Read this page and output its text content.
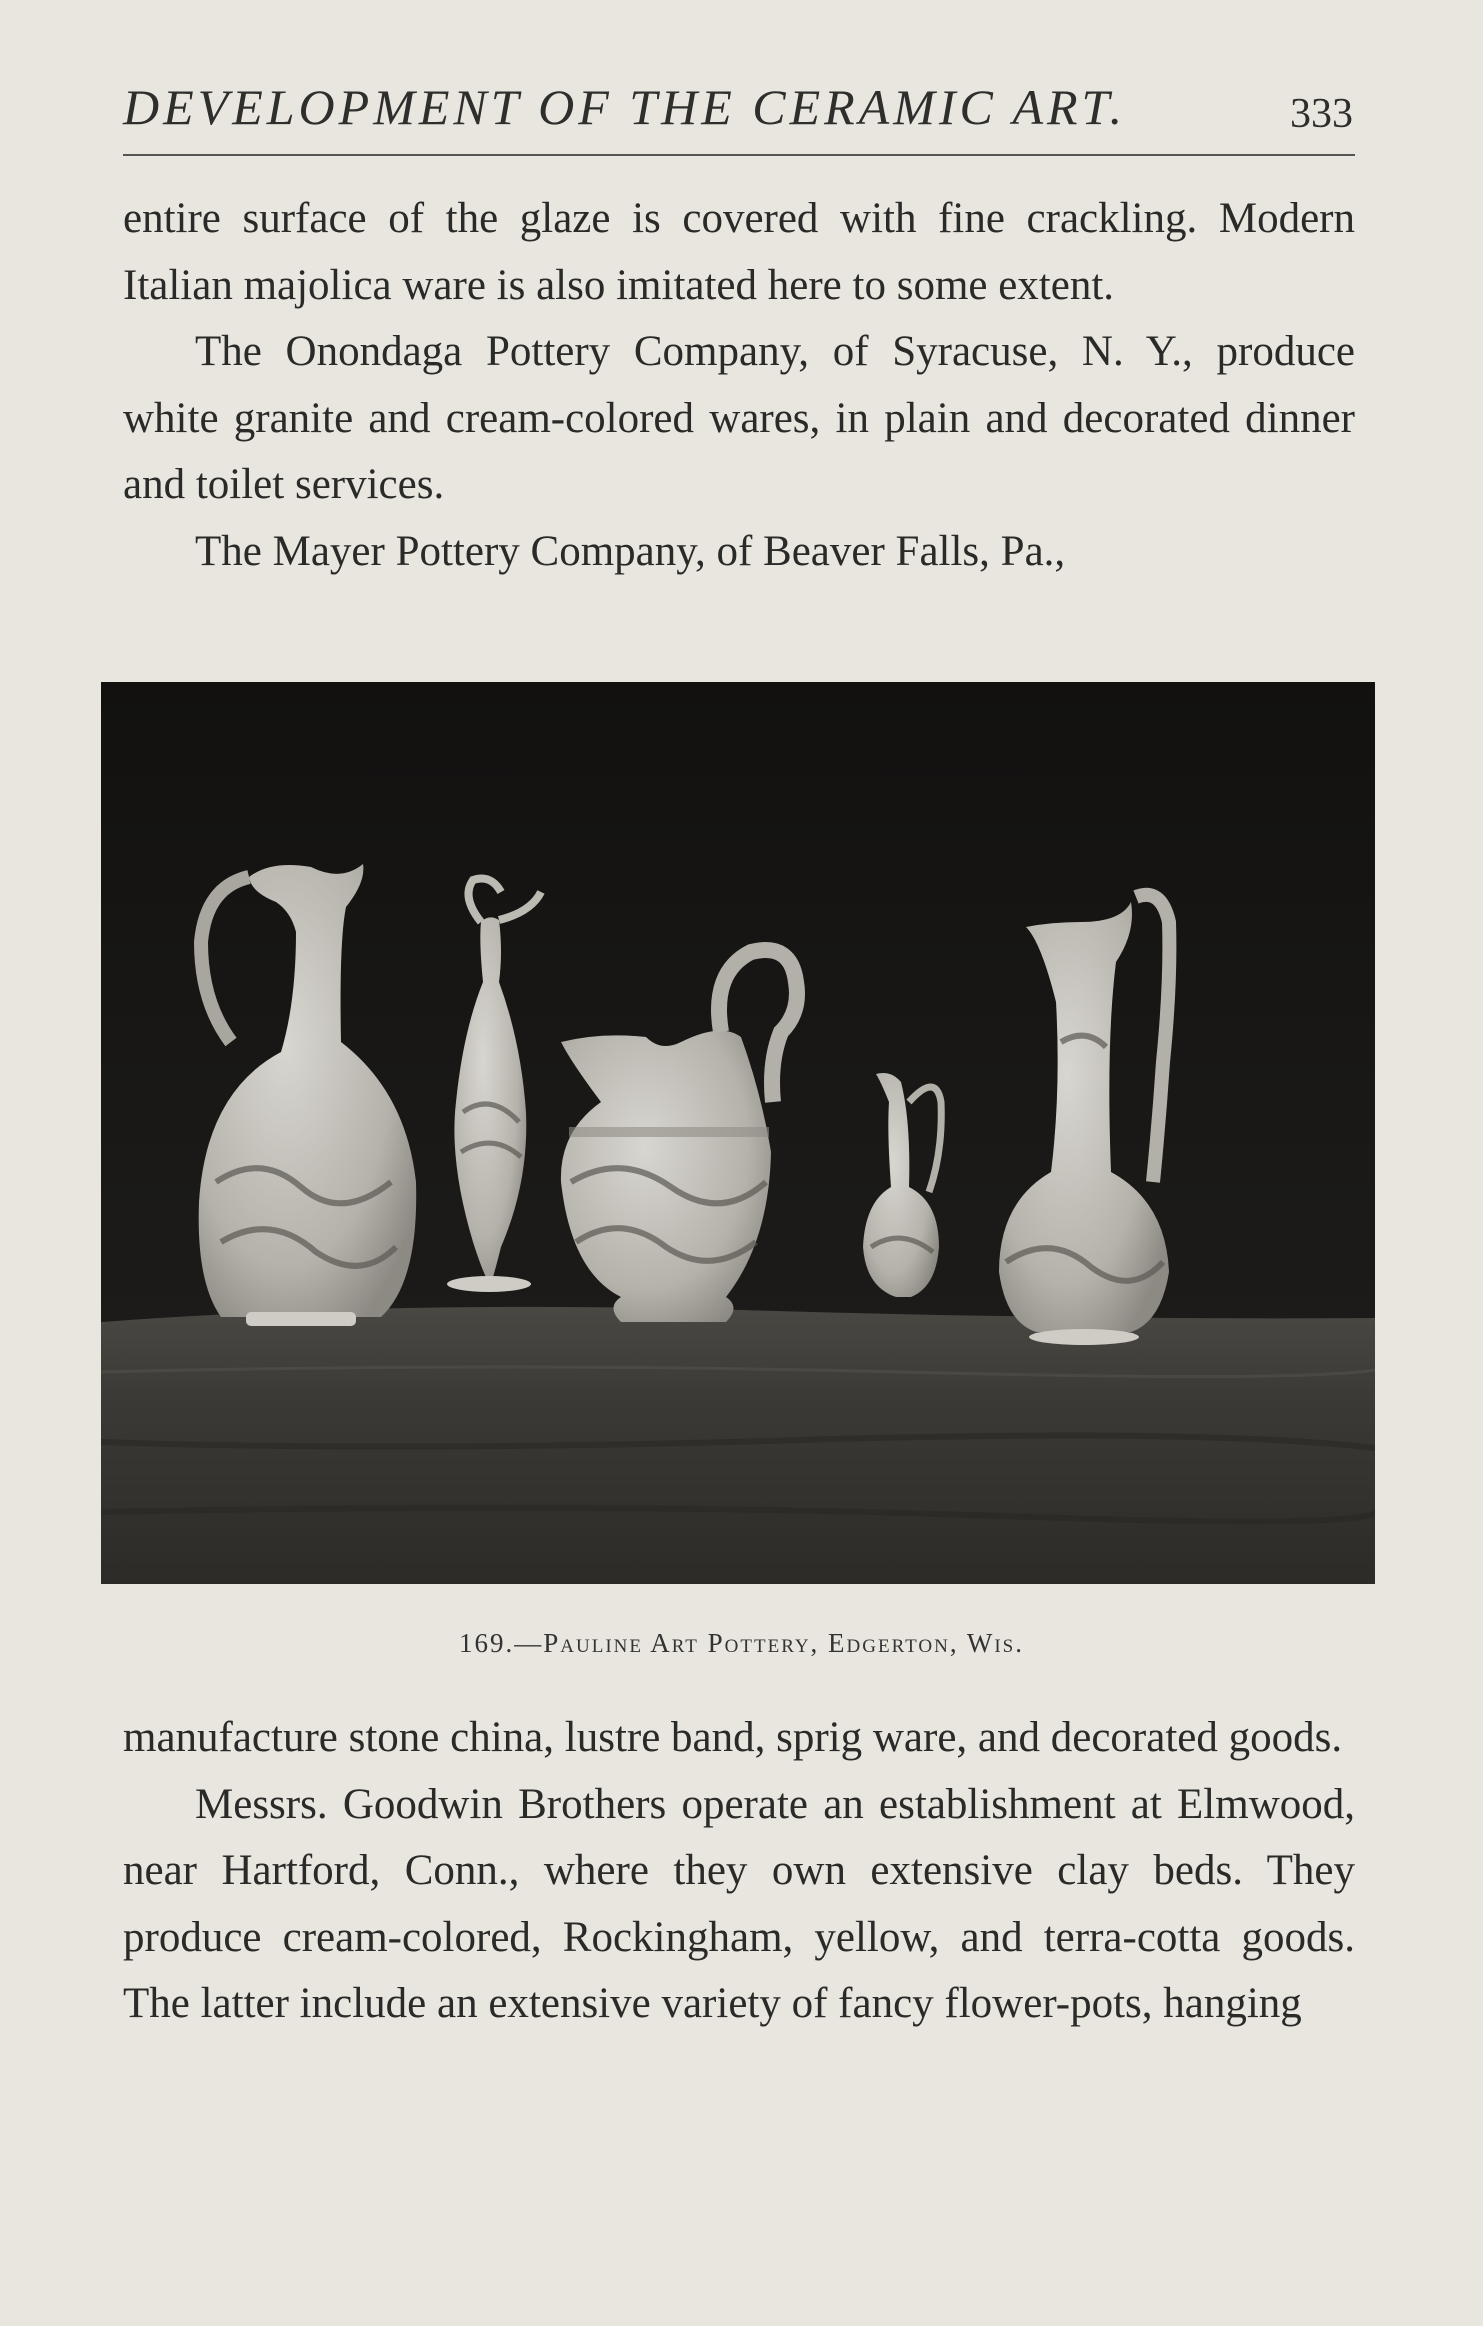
DEVELOPMENT OF THE CERAMIC ART.	333

entire surface of the glaze is covered with fine crackling. Modern Italian majolica ware is also imitated here to some extent.

The Onondaga Pottery Company, of Syracuse, N. Y., produce white granite and cream-colored wares, in plain and decorated dinner and toilet services.

The Mayer Pottery Company, of Beaver Falls, Pa.,

169.—Pauline Art Pottery, Edgerton, Wis.

manufacture stone china, lustre band, sprig ware, and decorated goods.

Messrs. Goodwin Brothers operate an establishment at Elmwood, near Hartford, Conn., where they own extensive clay beds. They produce cream-colored, Rockingham, yellow, and terra-cotta goods. The latter include an extensive variety of fancy flower-pots, hanging
